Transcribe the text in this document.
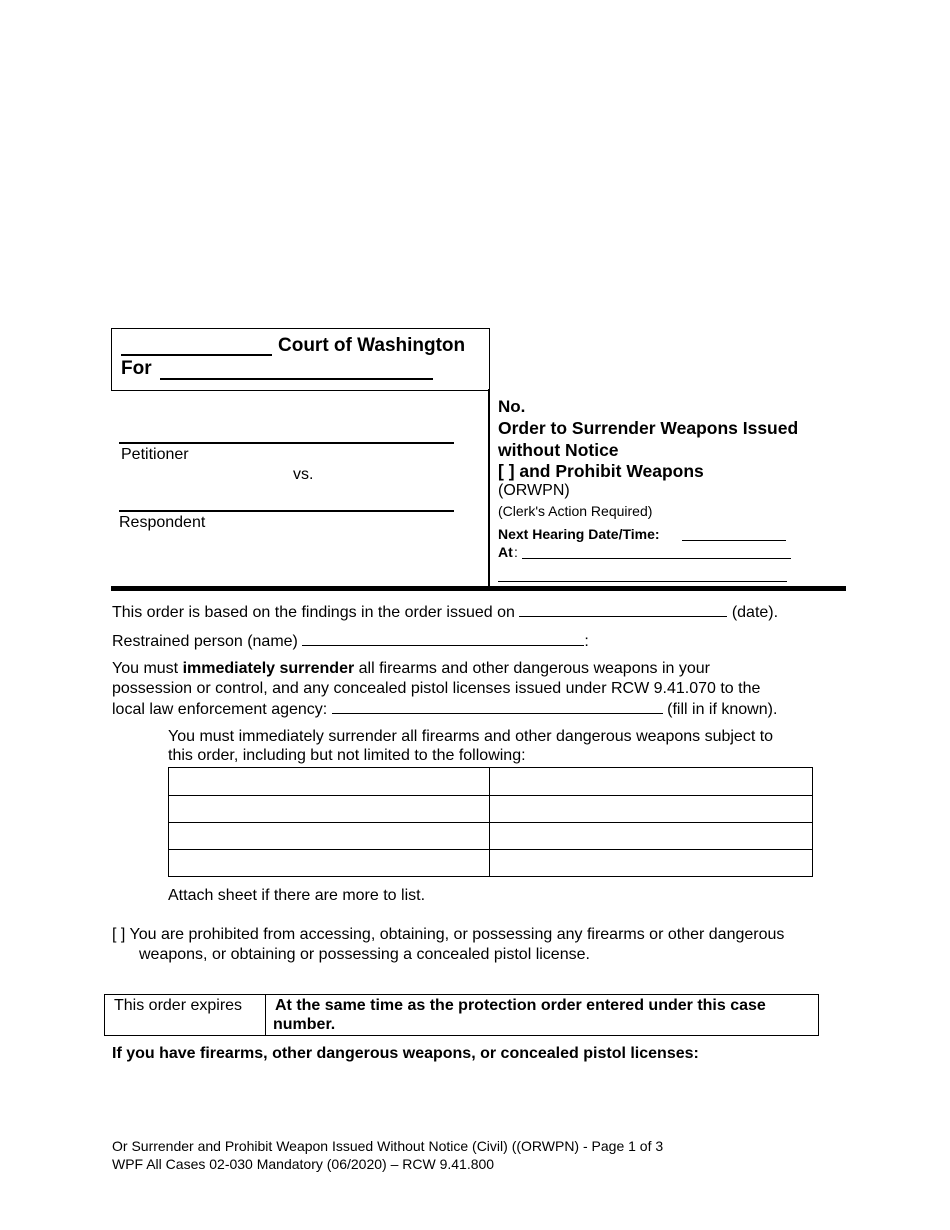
Court of Washington
For
Petitioner
vs.
Respondent
No.
Order to Surrender Weapons Issued
without Notice
[ ] and Prohibit Weapons
(ORWPN)
(Clerk's Action Required)
Next Hearing Date/Time:
At :
This order is based on the findings in the order issued on	(date).
Restrained person (name)	:
You must immediately surrender all firearms and other dangerous weapons in your
possession or control, and any concealed pistol licenses issued under RCW 9.41.070 to the
local law enforcement agency:	(fill in if known).
You must immediately surrender all firearms and other dangerous weapons subject to
this order, including but not limited to the following:
Attach sheet if there are more to list.
[ ] You are prohibited from accessing, obtaining, or possessing any firearms or other dangerous
weapons, or obtaining or possessing a concealed pistol license.
This order expires At the same time as the protection order entered under this case
number.
If you have firearms, other dangerous weapons, or concealed pistol licenses:
Or Surrender and Prohibit Weapon Issued Without Notice (Civil) ((ORWPN) - Page 1 of 3
WPF All Cases 02-030 Mandatory (06/2020) – RCW 9.41.800
